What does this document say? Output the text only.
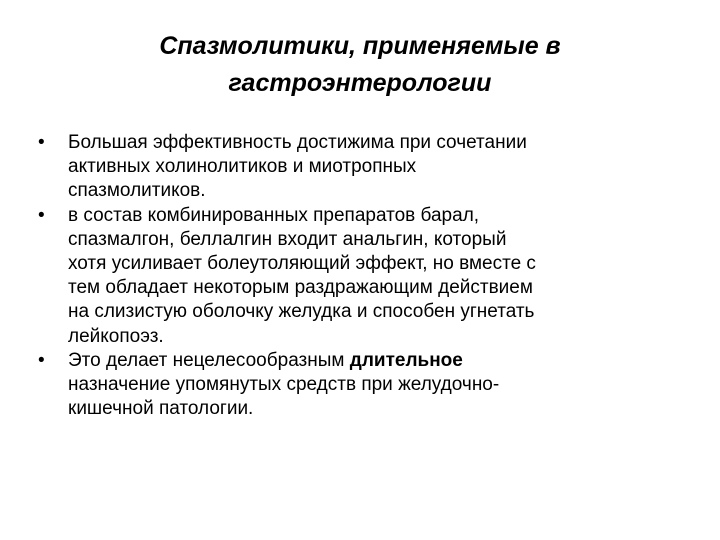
Спазмолитики, применяемые в
гастроэнтерологии
•	Большая эффективность достижима при сочетании
активных холинолитиков и миотропных
спазмолитиков.
•	в состав комбинированных препаратов барал,
спазмалгон, беллалгин входит анальгин, который
хотя усиливает болеутоляющий эффект, но вместе с
тем обладает некоторым раздражающим действием
на слизистую оболочку желудка и способен угнетать
лейкопоэз.
•	Это делает нецелесообразным длительное
назначение упомянутых средств при желудочно-
кишечной патологии.
